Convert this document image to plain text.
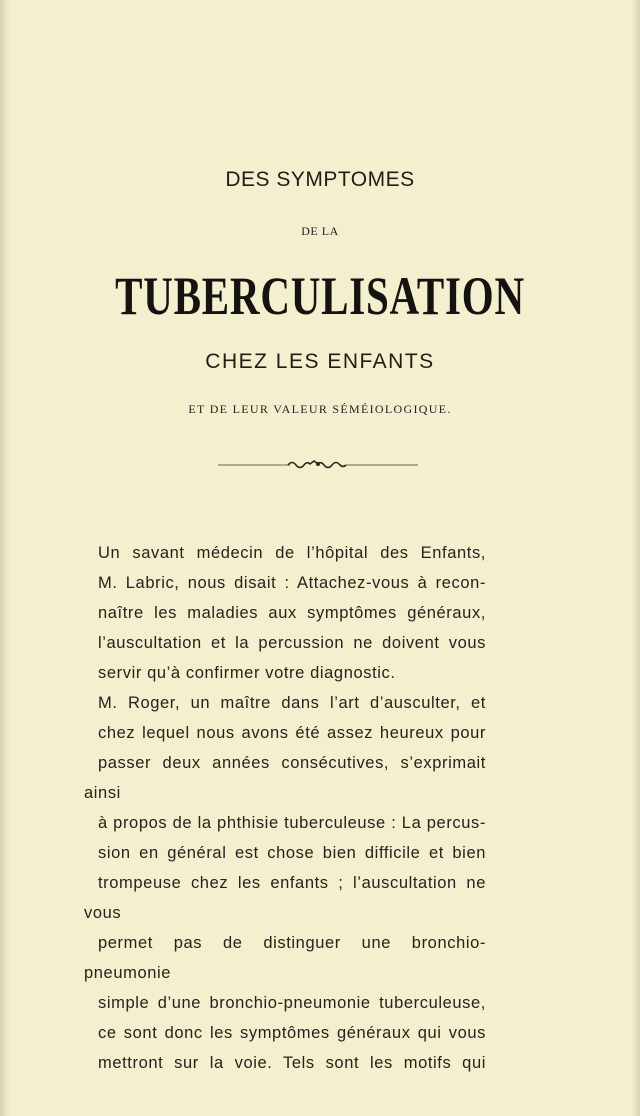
DES SYMPTOMES
DE LA
TUBERCULISATION
CHEZ LES ENFANTS
ET DE LEUR VALEUR SÉMÉIOLOGIQUE.
Un savant médecin de l’hôpital des Enfants,
M. Labric, nous disait : Attachez-vous à recon-
naître les maladies aux symptômes généraux,
l’auscultation et la percussion ne doivent vous
servir qu’à confirmer votre diagnostic.
M. Roger, un maître dans l’art d’ausculter, et
chez lequel nous avons été assez heureux pour
passer deux années consécutives, s’exprimait ainsi
à propos de la phthisie tuberculeuse : La percus-
sion en général est chose bien difficile et bien
trompeuse chez les enfants ; l’auscultation ne vous
permet pas de distinguer une bronchio-pneumonie
simple d’une bronchio-pneumonie tuberculeuse,
ce sont donc les symptômes généraux qui vous
mettront sur la voie. Tels sont les motifs qui
